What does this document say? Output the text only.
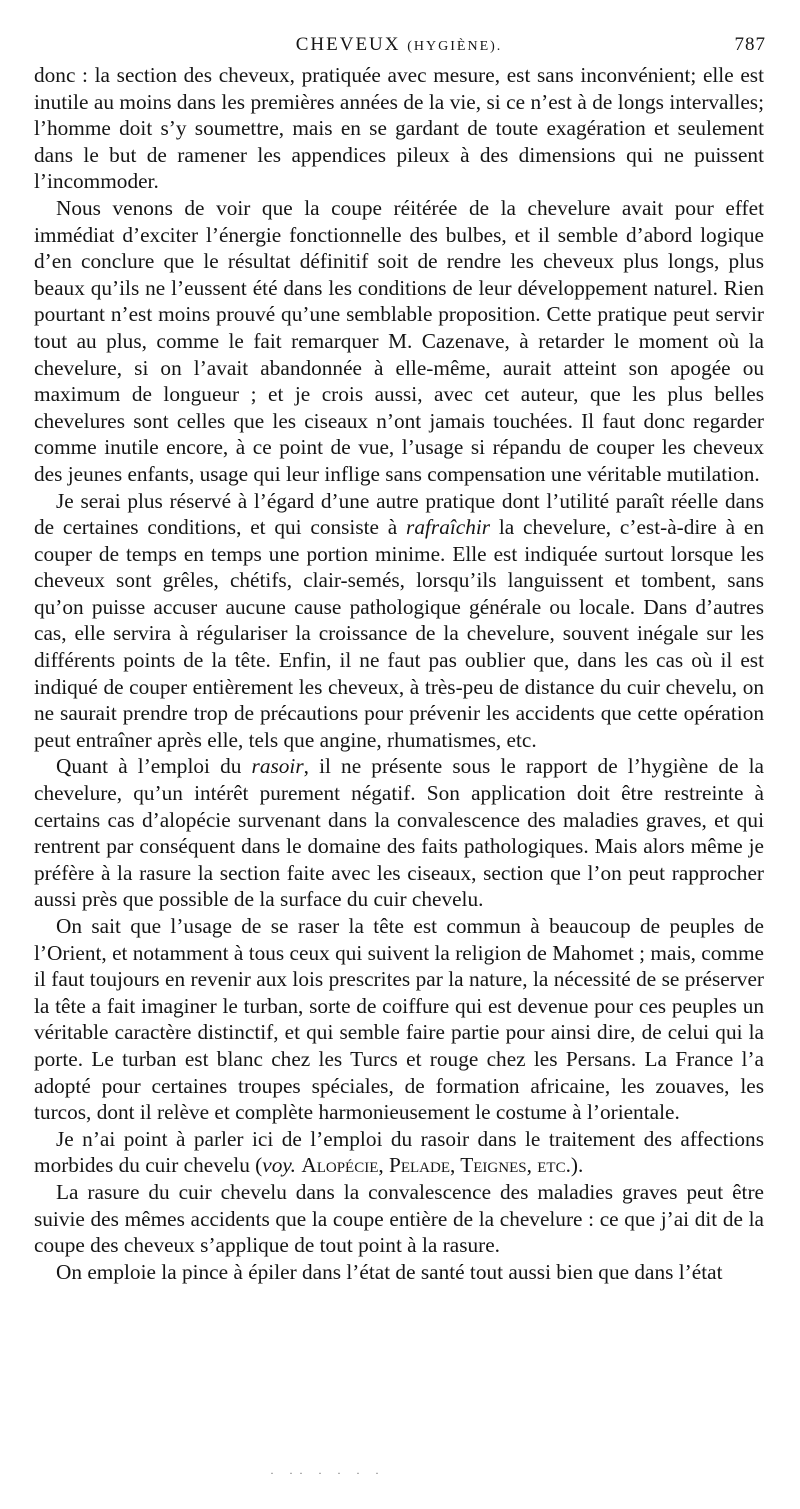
CHEVEUX (HYGIÈNE).	787

donc : la section des cheveux, pratiquée avec mesure, est sans inconvénient; elle est inutile au moins dans les premières années de la vie, si ce n’est à de longs intervalles; l’homme doit s’y soumettre, mais en se gardant de toute exagération et seulement dans le but de ramener les appendices pileux à des dimensions qui ne puissent l’incommoder.

Nous venons de voir que la coupe réitérée de la chevelure avait pour effet immédiat d’exciter l’énergie fonctionnelle des bulbes, et il semble d’abord logique d’en conclure que le résultat définitif soit de rendre les cheveux plus longs, plus beaux qu’ils ne l’eussent été dans les conditions de leur développement naturel. Rien pourtant n’est moins prouvé qu’une semblable proposition. Cette pratique peut servir tout au plus, comme le fait remarquer M. Cazenave, à retarder le moment où la chevelure, si on l’avait abandonnée à elle-même, aurait atteint son apogée ou maximum de longueur ; et je crois aussi, avec cet auteur, que les plus belles chevelures sont celles que les ciseaux n’ont jamais touchées. Il faut donc regarder comme inutile encore, à ce point de vue, l’usage si répandu de couper les cheveux des jeunes enfants, usage qui leur inflige sans compensation une véritable mutilation.

Je serai plus réservé à l’égard d’une autre pratique dont l’utilité paraît réelle dans de certaines conditions, et qui consiste à rafraîchir la chevelure, c’est-à-dire à en couper de temps en temps une portion minime. Elle est indiquée surtout lorsque les cheveux sont grêles, chétifs, clair-semés, lorsqu’ils languissent et tombent, sans qu’on puisse accuser aucune cause pathologique générale ou locale. Dans d’autres cas, elle servira à régulariser la croissance de la chevelure, souvent inégale sur les différents points de la tête. Enfin, il ne faut pas oublier que, dans les cas où il est indiqué de couper entièrement les cheveux, à très-peu de distance du cuir chevelu, on ne saurait prendre trop de précautions pour prévenir les accidents que cette opération peut entraîner après elle, tels que angine, rhumatismes, etc.

Quant à l’emploi du rasoir, il ne présente sous le rapport de l’hygiène de la chevelure, qu’un intérêt purement négatif. Son application doit être restreinte à certains cas d’alopécie survenant dans la convalescence des maladies graves, et qui rentrent par conséquent dans le domaine des faits pathologiques. Mais alors même je préfère à la rasure la section faite avec les ciseaux, section que l’on peut rapprocher aussi près que possible de la surface du cuir chevelu.

On sait que l’usage de se raser la tête est commun à beaucoup de peuples de l’Orient, et notamment à tous ceux qui suivent la religion de Mahomet ; mais, comme il faut toujours en revenir aux lois prescrites par la nature, la nécessité de se préserver la tête a fait imaginer le turban, sorte de coiffure qui est devenue pour ces peuples un véritable caractère distinctif, et qui semble faire partie pour ainsi dire, de celui qui la porte. Le turban est blanc chez les Turcs et rouge chez les Persans. La France l’a adopté pour certaines troupes spéciales, de formation africaine, les zouaves, les turcos, dont il relève et complète harmonieusement le costume à l’orientale.

Je n’ai point à parler ici de l’emploi du rasoir dans le traitement des affections morbides du cuir chevelu (voy. Alopécie, Pelade, Teignes, etc.).

La rasure du cuir chevelu dans la convalescence des maladies graves peut être suivie des mêmes accidents que la coupe entière de la chevelure : ce que j’ai dit de la coupe des cheveux s’applique de tout point à la rasure.

On emploie la pince à épiler dans l’état de santé tout aussi bien que dans l’état

· ·· · · · ·
